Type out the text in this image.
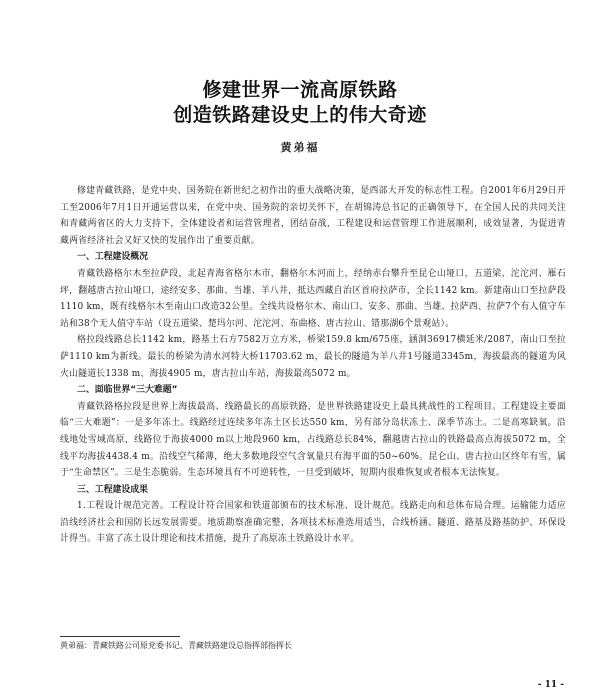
修建世界一流高原铁路
创造铁路建设史上的伟大奇迹
黄弟福

修建青藏铁路，是党中央、国务院在新世纪之初作出的重大战略决策，是西部大开发的标志性工程。自2001年6月29日开工至2006年7月1日开通运营以来，在党中央、国务院的亲切关怀下，在胡锦涛总书记的正确领导下，在全国人民的共同关注和青藏两省区的大力支持下，全体建设者和运营管理者，团结奋战，工程建设和运营管理工作进展顺利，成效显著，为促进青藏两省经济社会又好又快的发展作出了重要贡献。

一、工程建设概况

青藏铁路格尔木至拉萨段，北起青海省格尔木市，翻格尔木河而上，经纳赤台攀升至昆仑山垭口，五道梁、沱沱河、雁石坪，翻越唐古拉山垭口，途经安多、那曲、当雄、羊八井，抵达西藏自治区首府拉萨市，全长1142 km。新建南山口至拉萨段1110 km，既有线格尔木至南山口改造32公里。全线共设格尔木、南山口、安多、那曲、当雄、拉萨西、拉萨7个有人值守车站和38个无人值守车站（设五道梁、楚玛尔河、沱沱河、布曲格、唐古拉山、错那湖6个景观站）。

格拉段线路总长1142 km，路基土石方7582万立方米，桥梁159.8 km/675座，涵洞36917横延米/2087，南山口至拉萨1110 km为新线。最长的桥梁为清水河特大桥11703.62 m，最长的隧道为羊八井1号隧道3345m，海拔最高的隧道为风火山隧道长1338 m、海拔4905 m，唐古拉山车站，海拔最高5072 m。

二、面临世界“三大难题”

青藏铁路格拉段是世界上海拔最高、线路最长的高原铁路，是世界铁路建设史上最具挑战性的工程项目。工程建设主要面临“三大难题”：一是多年冻土。线路经过连续多年冻土区长达550 km，另有部分岛状冻土、深季节冻土。二是高寒缺氧。沿线地处雪域高原，线路位于海拔4000 m以上地段960 km，占线路总长84%，翻越唐古拉山的铁路最高点海拔5072 m，全线平均海拔4438.4 m。沿线空气稀薄，绝大多数地段空气含氧量只有海平面的50~60%。昆仑山、唐古拉山区终年有雪，属于“生命禁区”。三是生态脆弱。生态环境具有不可逆转性，一旦受到破坏，短期内很难恢复或者根本无法恢复。

三、工程建设成果

1.工程设计规范完善。工程设计符合国家和铁道部颁布的技术标准、设计规范。线路走向和总体布局合理。运输能力适应沿线经济社会和国防长远发展需要。地质勘察准确完整，各项技术标准选用适当，合线桥涵、隧道、路基及路基防护、环保设计得当。丰富了冻土设计理论和技术措施，提升了高原冻土铁路设计水平。

黄弟福：青藏铁路公司原党委书记、青藏铁路建设总指挥部指挥长
- 11 -
